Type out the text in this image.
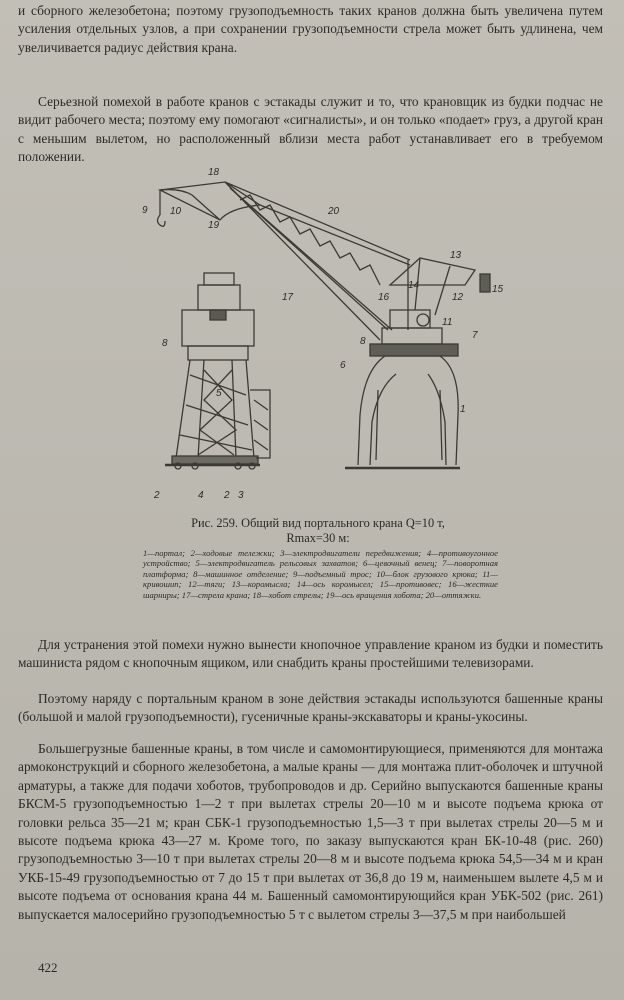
и сборного железобетона; поэтому грузоподъемность таких кранов должна быть увеличена путем усиления отдельных узлов, а при сохранении грузоподъемности стрела может быть удлинена, чем увеличивается радиус действия крана.

Серьезной помехой в работе кранов с эстакады служит и то, что крановщик из будки подчас не видит рабочего места; поэтому ему помогают «сигналисты», и он только «подает» груз, а другой кран с меньшим вылетом, но расположенный вблизи места работ устанавливает его в требуемом положении.

18
9 10
19
20
13
14
12
15
16
17
11
7
8
6
8
5
1
2	4 2 3
Рис. 259. Общий вид портального крана Q=10 т,
Rmax=30 м:
1—портал; 2—ходовые тележки; 3—электродвигатели передвижения; 4—противоугонное устройство; 5—электродвигатель рельсовых захватов; 6—цевочный венец; 7—поворотная платформа; 8—машинное отделение; 9—подъемный трос; 10—блок грузового крюка; 11—кривошип; 12—тяги; 13—коромысла; 14—ось коромысел; 15—противовес; 16—жесткие шарниры; 17—стрела крана; 18—хобот стрелы; 19—ось вращения хобота; 20—оттяжки.

Для устранения этой помехи нужно вынести кнопочное управление краном из будки и поместить машиниста рядом с кнопочным ящиком, или снабдить краны простейшими телевизорами.

Поэтому наряду с портальным краном в зоне действия эстакады используются башенные краны (большой и малой грузоподъемности), гусеничные краны-экскаваторы и краны-укосины.

Большегрузные башенные краны, в том числе и самомонтирующиеся, применяются для монтажа армоконструкций и сборного железобетона, а малые краны — для монтажа плит-оболочек и штучной арматуры, а также для подачи хоботов, трубопроводов и др. Серийно выпускаются башенные краны БКСМ-5 грузоподъемностью 1—2 т при вылетах стрелы 20—10 м и высоте подъема крюка от головки рельса 35—21 м; кран СБК-1 грузоподъемностью 1,5—3 т при вылетах стрелы 20—5 м и высоте подъема крюка 43—27 м. Кроме того, по заказу выпускаются кран БК-10-48 (рис. 260) грузоподъемностью 3—10 т при вылетах стрелы 20—8 м и высоте подъема крюка 54,5—34 м и кран УКБ-15-49 грузоподъемностью от 7 до 15 т при вылетах от 36,8 до 19 м, наименьшем вылете 4,5 м и высоте подъема от основания крана 44 м. Башенный самомонтирующийся кран УБК-502 (рис. 261) выпускается малосерийно грузоподъемностью 5 т с вылетом стрелы 3—37,5 м при наибольшей

422
